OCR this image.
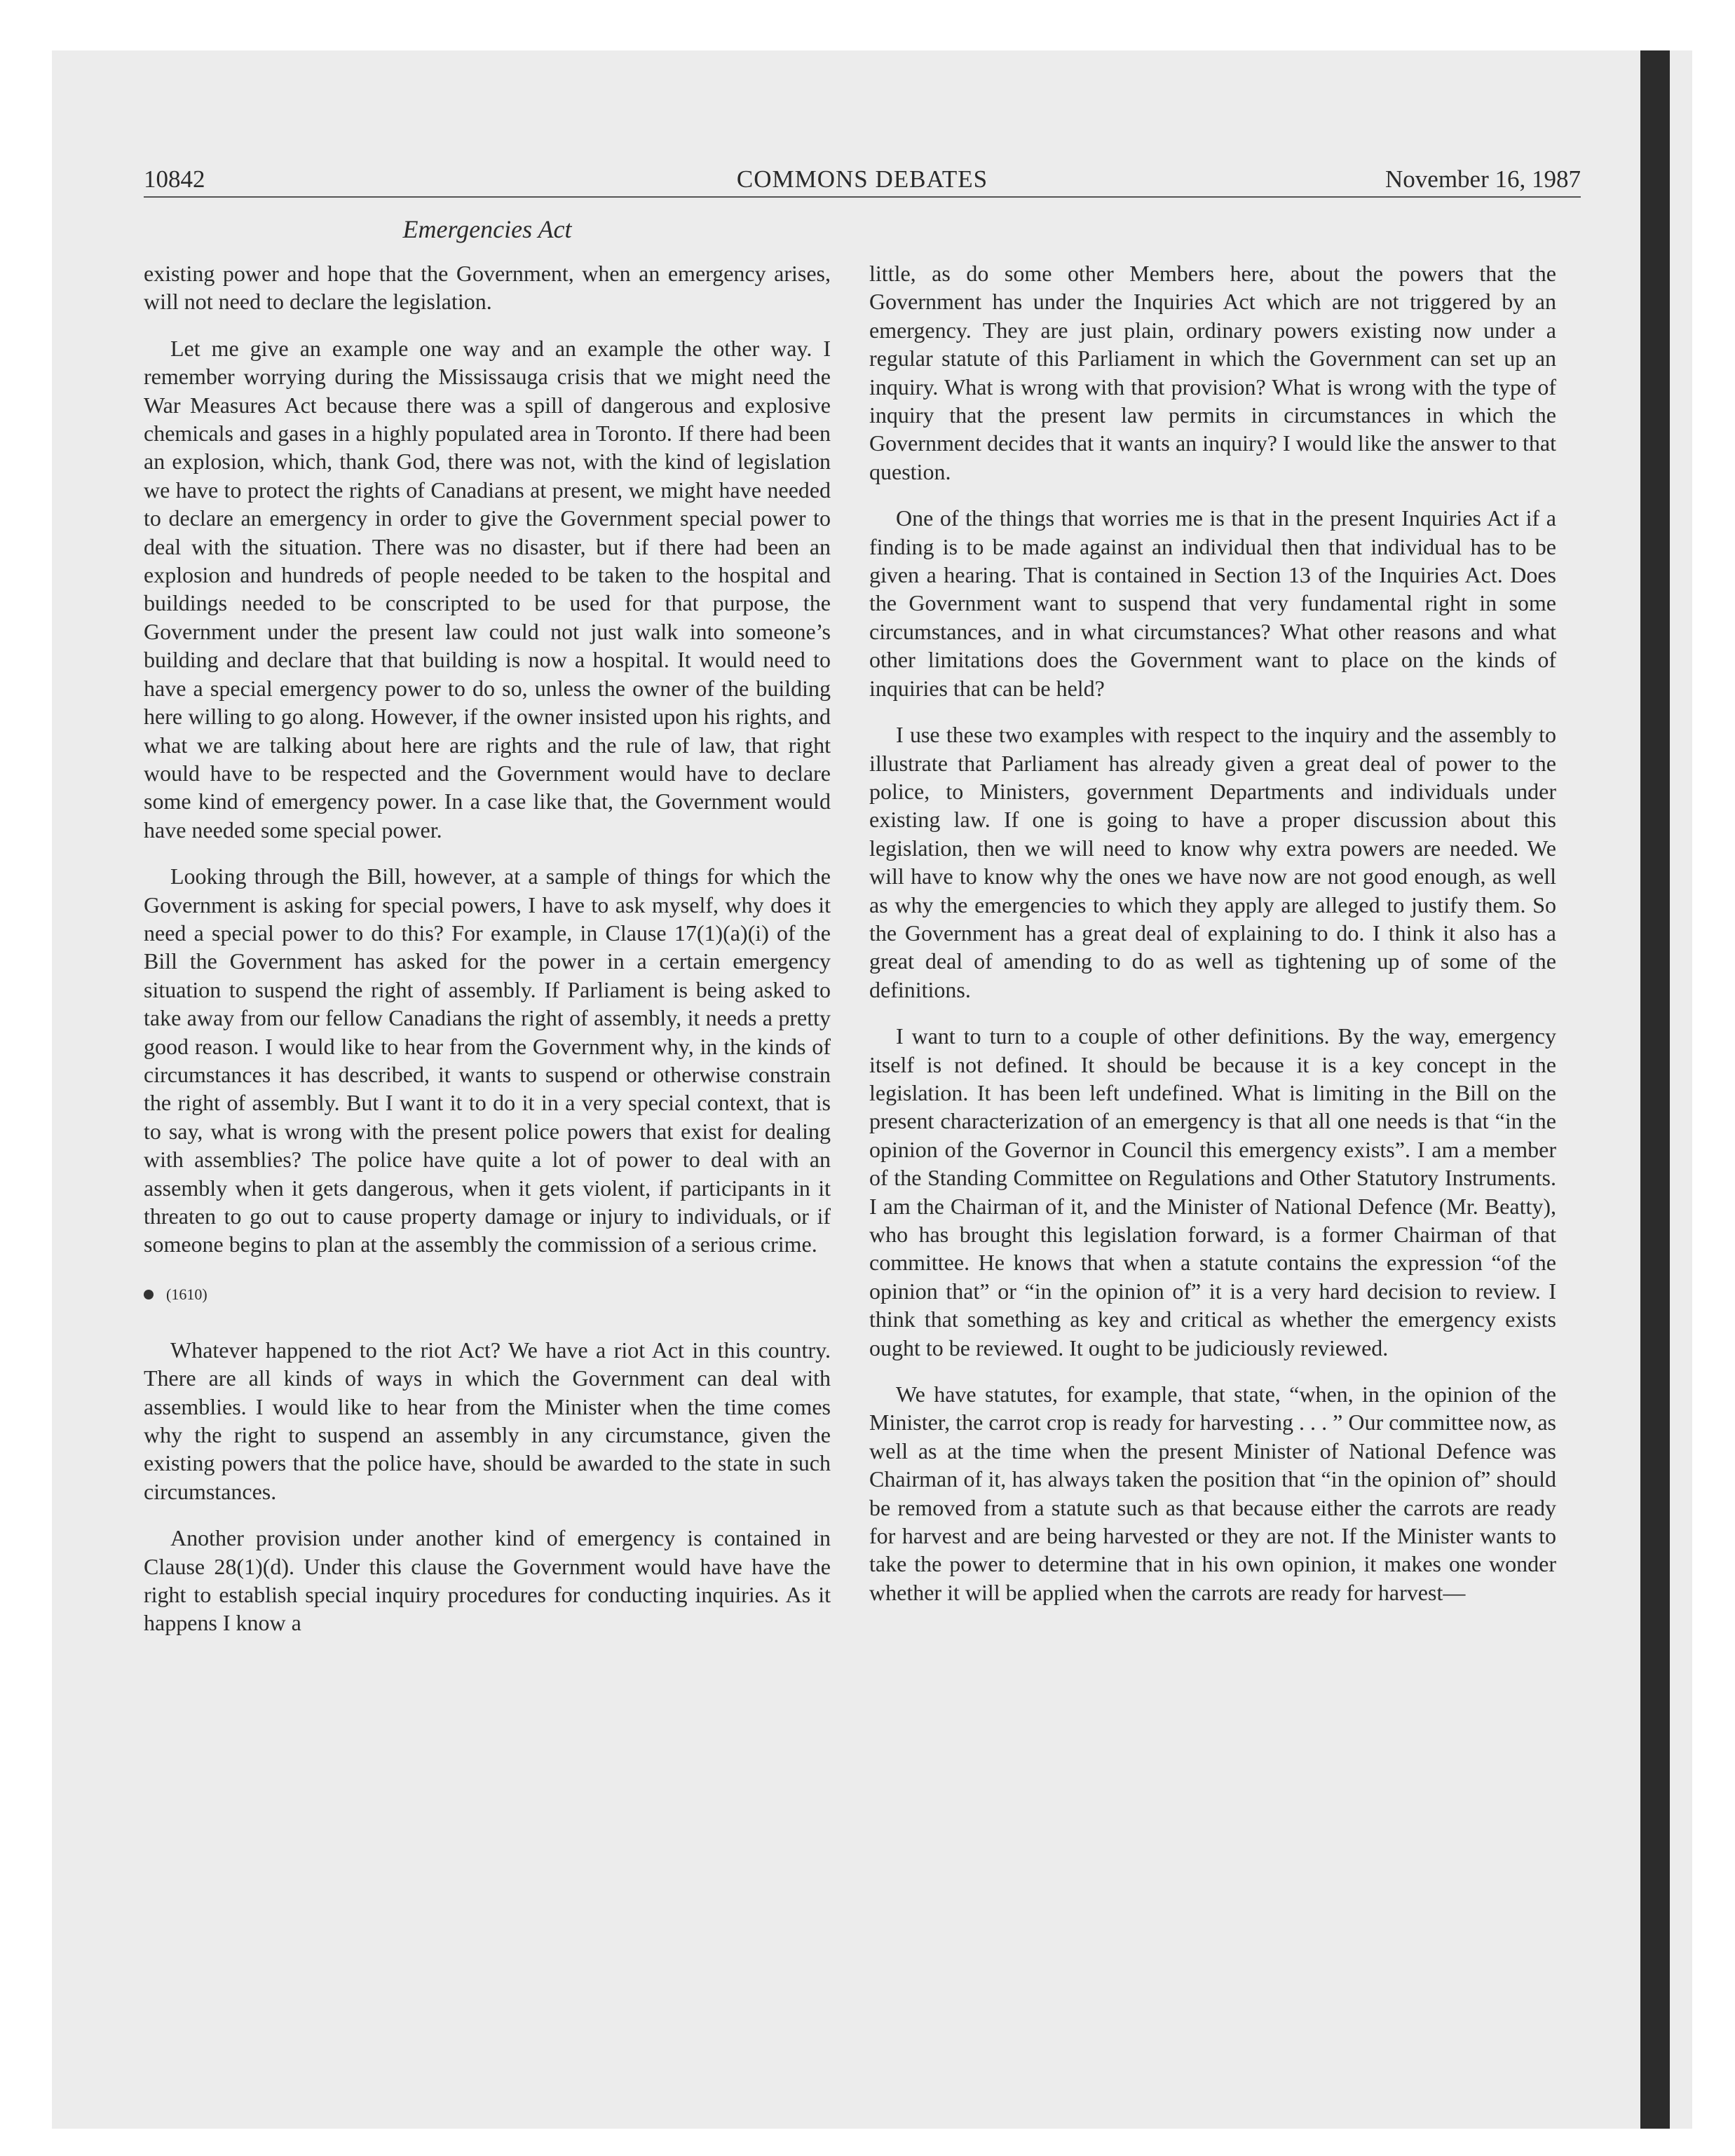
10842	COMMONS DEBATES	November 16, 1987
Emergencies Act

existing power and hope that the Government, when an emergency arises, will not need to declare the legislation.

Let me give an example one way and an example the other way. I remember worrying during the Mississauga crisis that we might need the War Measures Act because there was a spill of dangerous and explosive chemicals and gases in a highly populated area in Toronto. If there had been an explosion, which, thank God, there was not, with the kind of legislation we have to protect the rights of Canadians at present, we might have needed to declare an emergency in order to give the Government special power to deal with the situation. There was no disaster, but if there had been an explosion and hundreds of people needed to be taken to the hospital and buildings needed to be conscripted to be used for that purpose, the Government under the present law could not just walk into someone’s building and declare that that building is now a hospital. It would need to have a special emergency power to do so, unless the owner of the building here willing to go along. However, if the owner insisted upon his rights, and what we are talking about here are rights and the rule of law, that right would have to be respected and the Government would have to declare some kind of emergency power. In a case like that, the Government would have needed some special power.

Looking through the Bill, however, at a sample of things for which the Government is asking for special powers, I have to ask myself, why does it need a special power to do this? For example, in Clause 17(1)(a)(i) of the Bill the Government has asked for the power in a certain emergency situation to suspend the right of assembly. If Parliament is being asked to take away from our fellow Canadians the right of assembly, it needs a pretty good reason. I would like to hear from the Government why, in the kinds of circumstances it has described, it wants to suspend or otherwise constrain the right of assembly. But I want it to do it in a very special context, that is to say, what is wrong with the present police powers that exist for dealing with assemblies? The police have quite a lot of power to deal with an assembly when it gets dangerous, when it gets violent, if participants in it threaten to go out to cause property damage or injury to individuals, or if someone begins to plan at the assembly the commission of a serious crime.

(1610)

Whatever happened to the riot Act? We have a riot Act in this country. There are all kinds of ways in which the Government can deal with assemblies. I would like to hear from the Minister when the time comes why the right to suspend an assembly in any circumstance, given the existing powers that the police have, should be awarded to the state in such circumstances.

Another provision under another kind of emergency is contained in Clause 28(1)(d). Under this clause the Government would have have the right to establish special inquiry procedures for conducting inquiries. As it happens I know a

little, as do some other Members here, about the powers that the Government has under the Inquiries Act which are not triggered by an emergency. They are just plain, ordinary powers existing now under a regular statute of this Parliament in which the Government can set up an inquiry. What is wrong with that provision? What is wrong with the type of inquiry that the present law permits in circumstances in which the Government decides that it wants an inquiry? I would like the answer to that question.

One of the things that worries me is that in the present Inquiries Act if a finding is to be made against an individual then that individual has to be given a hearing. That is contained in Section 13 of the Inquiries Act. Does the Government want to suspend that very fundamental right in some circumstances, and in what circumstances? What other reasons and what other limitations does the Government want to place on the kinds of inquiries that can be held?

I use these two examples with respect to the inquiry and the assembly to illustrate that Parliament has already given a great deal of power to the police, to Ministers, government Departments and individuals under existing law. If one is going to have a proper discussion about this legislation, then we will need to know why extra powers are needed. We will have to know why the ones we have now are not good enough, as well as why the emergencies to which they apply are alleged to justify them. So the Government has a great deal of explaining to do. I think it also has a great deal of amending to do as well as tightening up of some of the definitions.

I want to turn to a couple of other definitions. By the way, emergency itself is not defined. It should be because it is a key concept in the legislation. It has been left undefined. What is limiting in the Bill on the present characterization of an emergency is that all one needs is that “in the opinion of the Governor in Council this emergency exists”. I am a member of the Standing Committee on Regulations and Other Statutory Instruments. I am the Chairman of it, and the Minister of National Defence (Mr. Beatty), who has brought this legislation forward, is a former Chairman of that committee. He knows that when a statute contains the expression “of the opinion that” or “in the opinion of” it is a very hard decision to review. I think that something as key and critical as whether the emergency exists ought to be reviewed. It ought to be judiciously reviewed.

We have statutes, for example, that state, “when, in the opinion of the Minister, the carrot crop is ready for harvesting . . . ” Our committee now, as well as at the time when the present Minister of National Defence was Chairman of it, has always taken the position that “in the opinion of” should be removed from a statute such as that because either the carrots are ready for harvest and are being harvested or they are not. If the Minister wants to take the power to determine that in his own opinion, it makes one wonder whether it will be applied when the carrots are ready for harvest—
